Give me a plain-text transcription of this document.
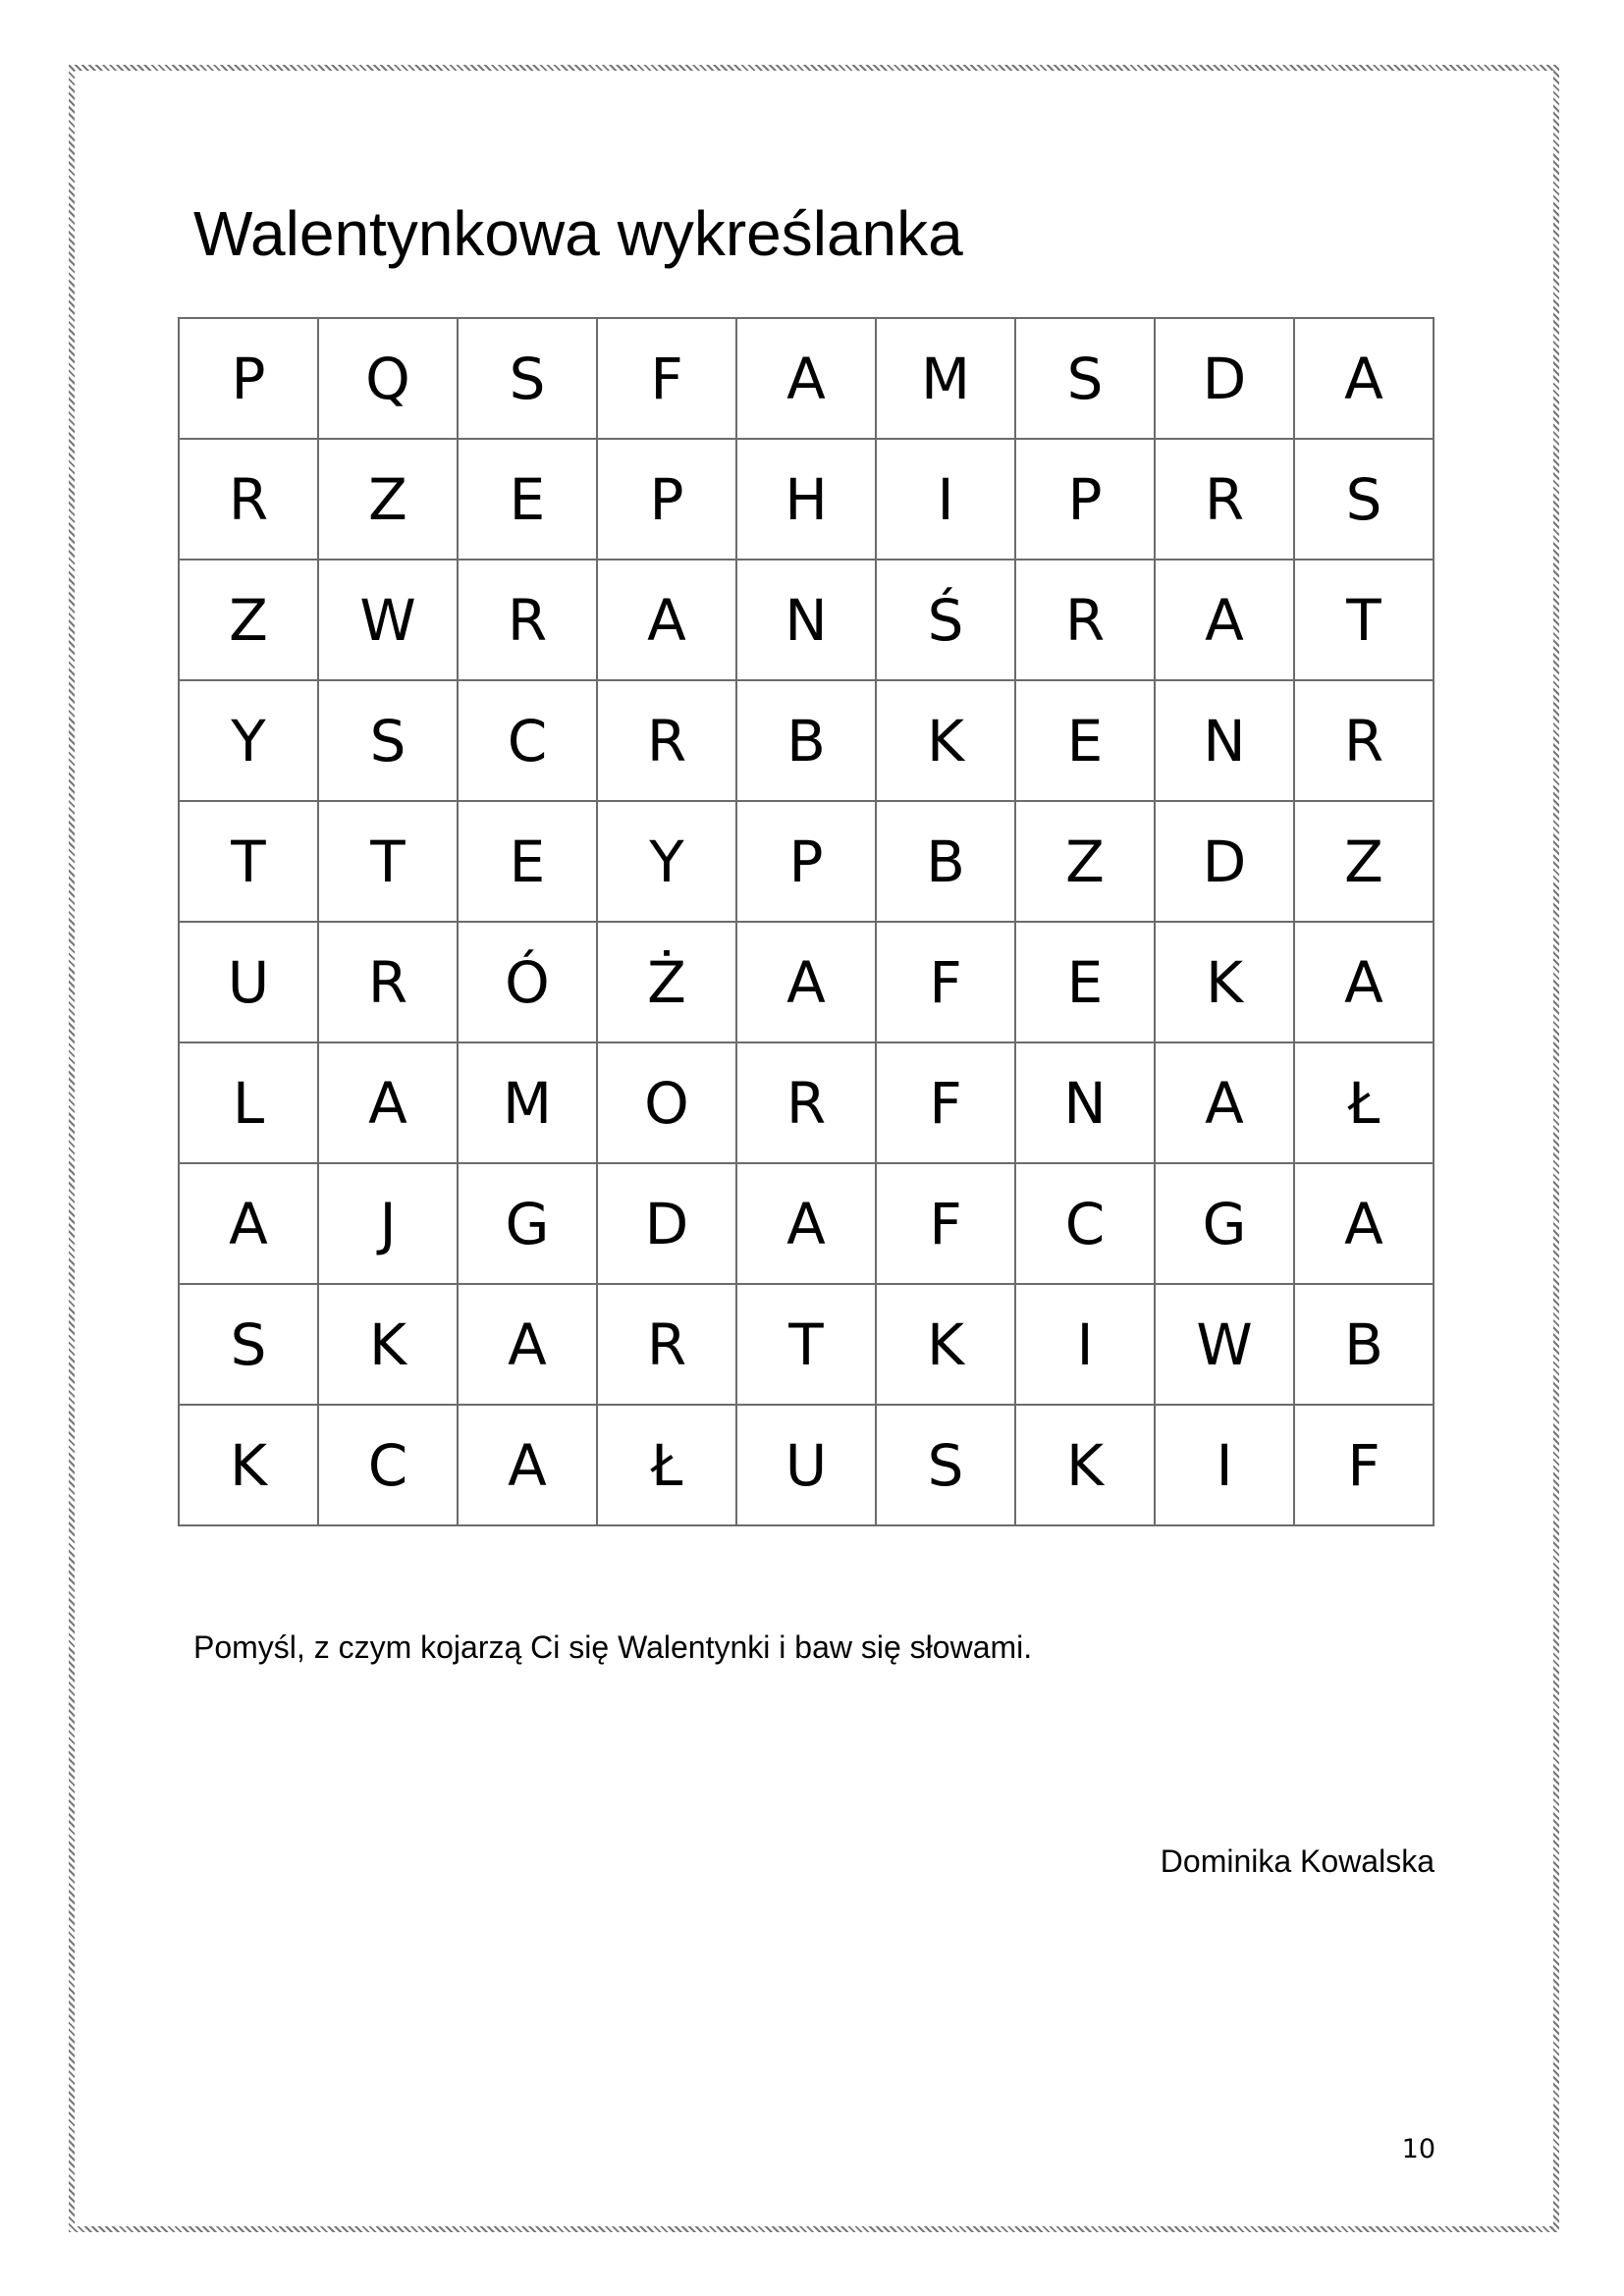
Walentynkowa wykreślanka
P	Q	S	F	A	M	S	D	A
R	Z	E	P	H	I	P	R	S
Z	W	R	A	N	Ś	R	A	T
Y	S	C	R	B	K	E	N	R
T	T	E	Y	P	B	Z	D	Z
U	R	Ó	Ż	A	F	E	K	A
L	A	M	O	R	F	N	A	Ł
A	J	G	D	A	F	C	G	A
S	K	A	R	T	K	I	W	B
K	C	A	Ł	U	S	K	I	F
Pomyśl, z czym kojarzą Ci się Walentynki i baw się słowami.
Dominika Kowalska
10
